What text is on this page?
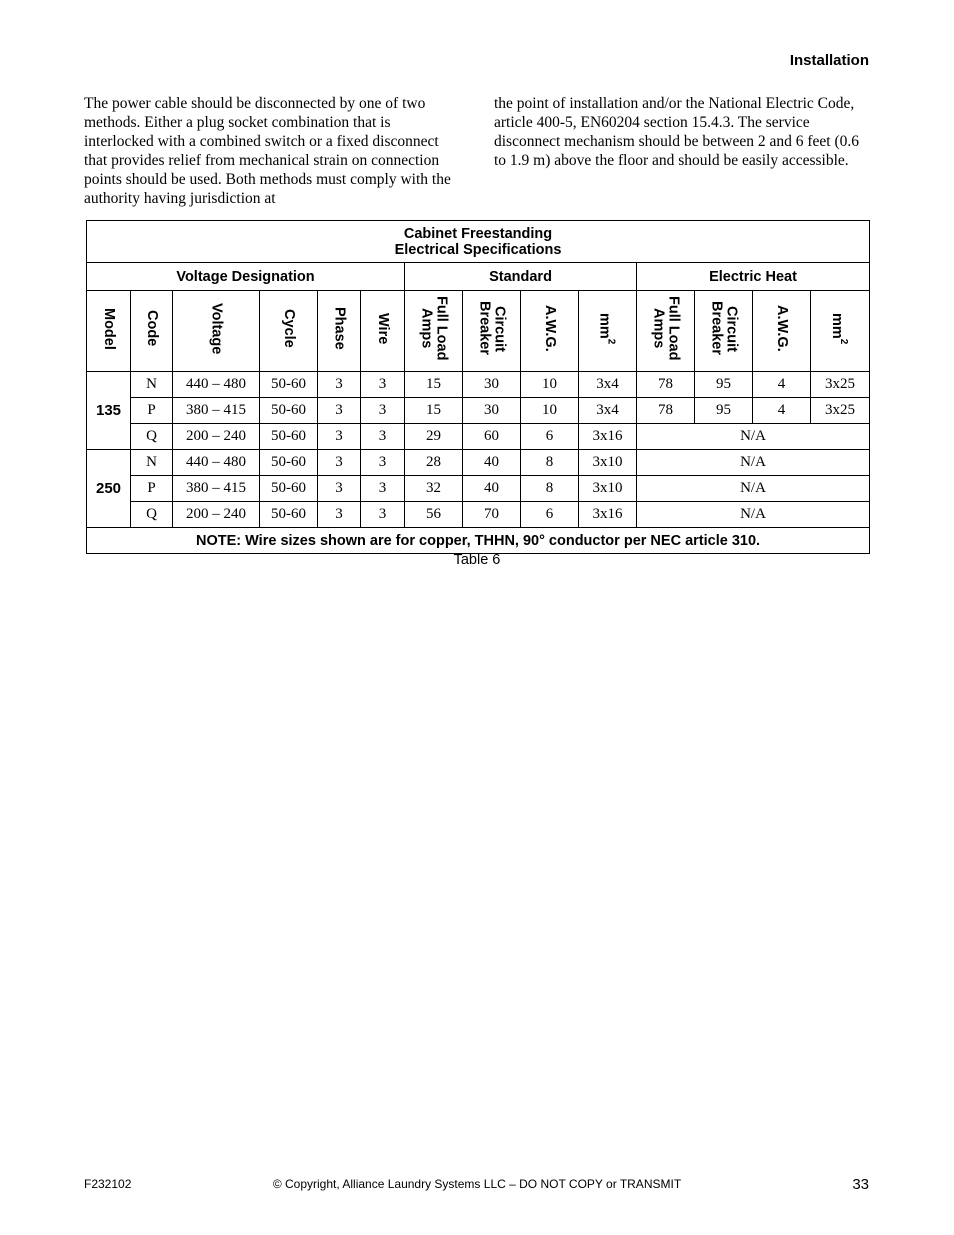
Installation

The power cable should be disconnected by one of two methods. Either a plug socket combination that is interlocked with a combined switch or a fixed disconnect that provides relief from mechanical strain on connection points should be used. Both methods must comply with the authority having jurisdiction at

the point of installation and/or the National Electric Code, article 400-5, EN60204 section 15.4.3. The service disconnect mechanism should be between 2 and 6 feet (0.6 to 1.9 m) above the floor and should be easily accessible.

Cabinet Freestanding
Electrical Specifications													
Voltage Designation						Standard				Electric Heat			
Model	Code	Voltage	Cycle	Phase	Wire	Full Load Amps	Circuit Breaker	A.W.G.	$mm^2$	Full Load Amps	Circuit Breaker	A.W.G.	$mm^2$
135	N	440 – 480	50-60	3	3	15	30	10	3x4	78	95	4	3x25
	P	380 – 415	50-60	3	3	15	30	10	3x4	78	95	4	3x25
	Q	200 – 240	50-60	3	3	29	60	6	3x16	N/A			
250	N	440 – 480	50-60	3	3	28	40	8	3x10	N/A			
	P	380 – 415	50-60	3	3	32	40	8	3x10	N/A			
	Q	200 – 240	50-60	3	3	56	70	6	3x16	N/A			
NOTE: Wire sizes shown are for copper, THHN, 90° conductor per NEC article 310.													
Table 6
F232102	© Copyright, Alliance Laundry Systems LLC – DO NOT COPY or TRANSMIT	33
